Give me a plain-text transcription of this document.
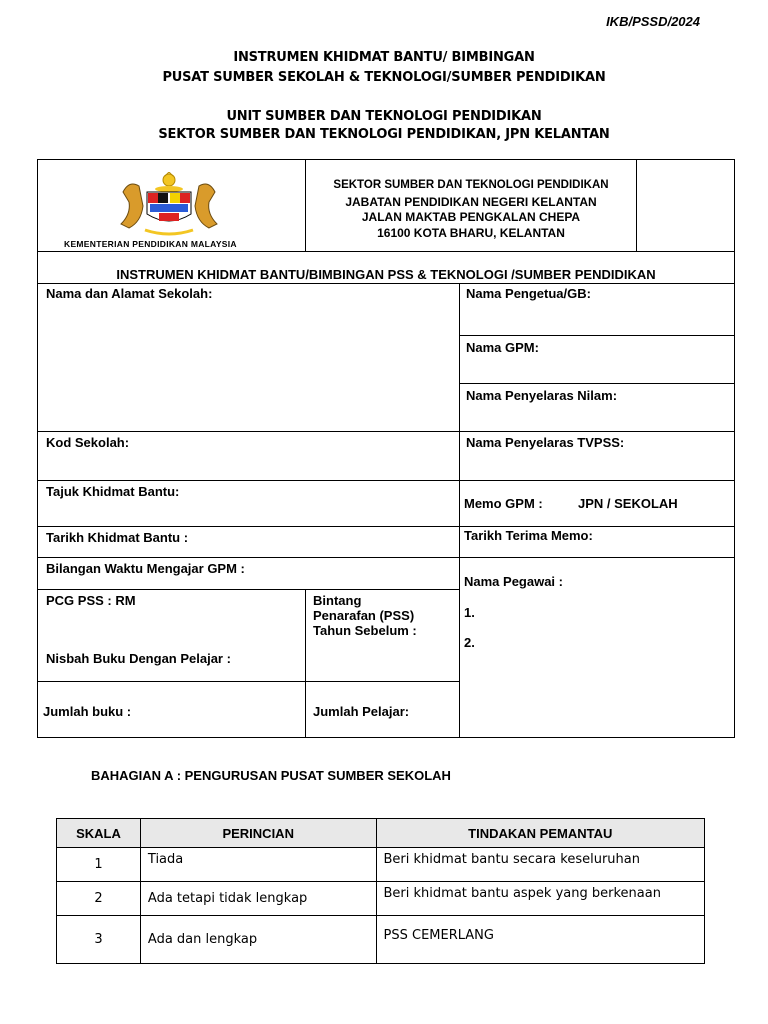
IKB/PSSD/2024
INSTRUMEN KHIDMAT BANTU/ BIMBINGAN
PUSAT SUMBER SEKOLAH & TEKNOLOGI/SUMBER PENDIDIKAN
UNIT SUMBER DAN TEKNOLOGI PENDIDIKAN
SEKTOR SUMBER DAN TEKNOLOGI PENDIDIKAN, JPN KELANTAN
KEMENTERIAN PENDIDIKAN MALAYSIA
SEKTOR SUMBER DAN TEKNOLOGI PENDIDIKAN
JABATAN PENDIDIKAN NEGERI KELANTAN
JALAN MAKTAB PENGKALAN CHEPA
16100 KOTA BHARU, KELANTAN
INSTRUMEN KHIDMAT BANTU/BIMBINGAN PSS & TEKNOLOGI /SUMBER PENDIDIKAN
Nama dan Alamat Sekolah:	Nama Pengetua/GB:
Nama GPM:
Nama Penyelaras Nilam:
Kod Sekolah:	Nama Penyelaras TVPSS:
Tajuk Khidmat Bantu:
Memo GPM :	JPN / SEKOLAH
Tarikh Khidmat Bantu :	Tarikh Terima Memo:
Bilangan Waktu Mengajar GPM :
Nama Pegawai :
1.
2.
PCG PSS : RM	Bintang
Penarafan (PSS)
Tahun Sebelum :
Nisbah Buku Dengan Pelajar :
Jumlah buku :	Jumlah Pelajar:
BAHAGIAN A : PENGURUSAN PUSAT SUMBER SEKOLAH
SKALA	PERINCIAN	TINDAKAN PEMANTAU
1	Tiada	Beri khidmat bantu secara keseluruhan
2	Ada tetapi tidak lengkap	Beri khidmat bantu aspek yang berkenaan
3	Ada dan lengkap	PSS CEMERLANG
